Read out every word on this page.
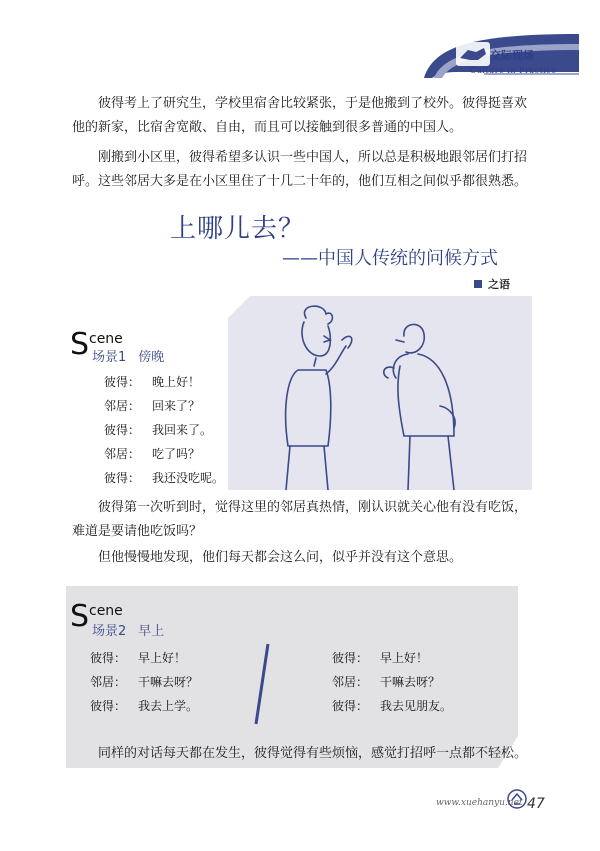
交际现场
Culture in Practice

彼得考上了研究生，学校里宿舍比较紧张，于是他搬到了校外。彼得挺喜欢他的新家，比宿舍宽敞、自由，而且可以接触到很多普通的中国人。

刚搬到小区里，彼得希望多认识一些中国人，所以总是积极地跟邻居们打招呼。这些邻居大多是在小区里住了十几二十年的，他们互相之间似乎都很熟悉。

上哪儿去？
——中国人传统的问候方式
之语
S cene
场景1 傍晚
彼得： 晚上好！
邻居： 回来了？
彼得： 我回来了。
邻居： 吃了吗？
彼得： 我还没吃呢。

彼得第一次听到时，觉得这里的邻居真热情，刚认识就关心他有没有吃饭，难道是要请他吃饭吗？

但他慢慢地发现，他们每天都会这么问，似乎并没有这个意思。

S cene
场景2 早上
彼得： 早上好！
邻居： 干嘛去呀？
彼得： 我去上学。
彼得： 早上好！
邻居： 干嘛去呀？
彼得： 我去见朋友。

同样的对话每天都在发生，彼得觉得有些烦恼，感觉打招呼一点都不轻松。

www.xuehanyu.net 47
